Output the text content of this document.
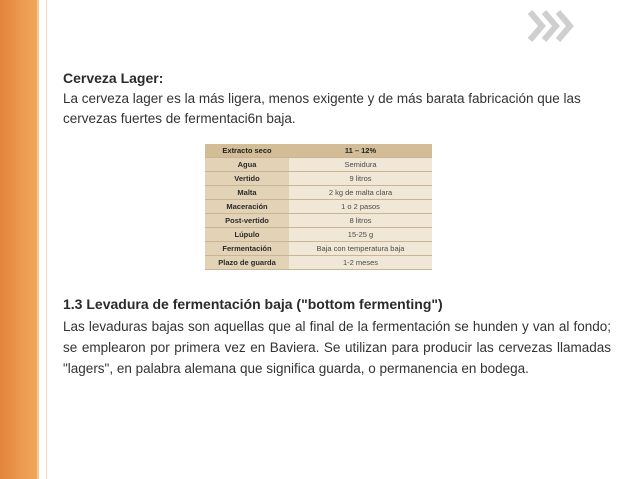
Cerveza Lager:
La cerveza lager es la más ligera, menos exigente y de más barata fabricación que las cervezas fuertes de fermentaci6n baja.
Extracto seco	11 – 12%
Agua	Semidura
Vertido	9 litros
Malta	2 kg de malta clara
Maceración	1 o 2 pasos
Post-vertido	8 litros
Lúpulo	15-25 g
Fermentación	Baja con temperatura baja
Plazo de guarda	1-2 meses
1.3 Levadura de fermentación baja ("bottom fermenting")
Las levaduras bajas son aquellas que al final de la fermentación se hunden y van al fondo; se emplearon por primera vez en Baviera. Se utilizan para producir las cervezas llamadas "lagers", en palabra alemana que significa guarda, o permanencia en bodega.
